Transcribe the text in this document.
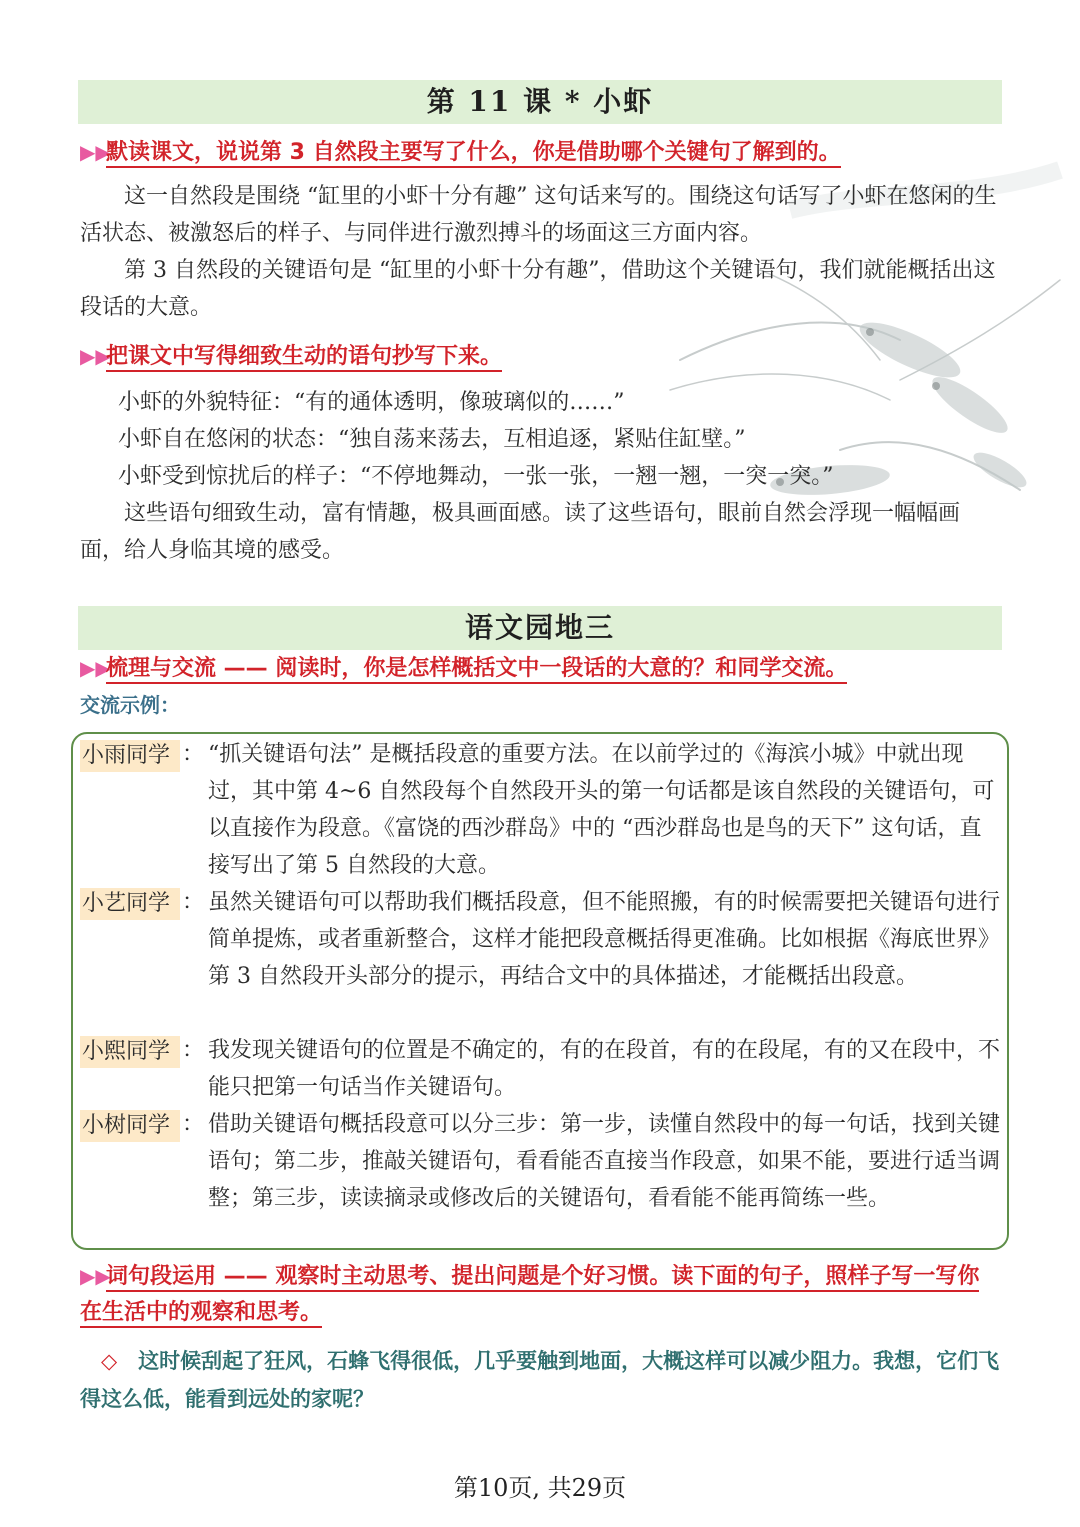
第 11 课 * 小虾
▶▶默读课文，说说第 3 自然段主要写了什么，你是借助哪个关键句了解到的。

这一自然段是围绕 “缸里的小虾十分有趣” 这句话来写的。围绕这句话写了小虾在悠闲的生活状态、被激怒后的样子、与同伴进行激烈搏斗的场面这三方面内容。

第 3 自然段的关键语句是 “缸里的小虾十分有趣”，借助这个关键语句，我们就能概括出这段话的大意。

▶▶把课文中写得细致生动的语句抄写下来。

小虾的外貌特征：“有的通体透明，像玻璃似的……”

小虾自在悠闲的状态：“独自荡来荡去，互相追逐，紧贴住缸壁。”

小虾受到惊扰后的样子：“不停地舞动，一张一张，一翘一翘，一突一突。”

这些语句细致生动，富有情趣，极具画面感。读了这些语句，眼前自然会浮现一幅幅画面，给人身临其境的感受。

语文园地三
▶▶梳理与交流 —— 阅读时，你是怎样概括文中一段话的大意的？和同学交流。
交流示例：
小雨同学 ： “抓关键语句法” 是概括段意的重要方法。在以前学过的《海滨小城》中就出现过，其中第 4~6 自然段每个自然段开头的第一句话都是该自然段的关键语句，可以直接作为段意。《富饶的西沙群岛》中的 “西沙群岛也是鸟的天下” 这句话，直接写出了第 5 自然段的大意。
小艺同学 ： 虽然关键语句可以帮助我们概括段意，但不能照搬，有的时候需要把关键语句进行简单提炼，或者重新整合，这样才能把段意概括得更准确。比如根据《海底世界》第 3 自然段开头部分的提示，再结合文中的具体描述，才能概括出段意。
小熙同学 ： 我发现关键语句的位置是不确定的，有的在段首，有的在段尾，有的又在段中，不能只把第一句话当作关键语句。
小树同学 ： 借助关键语句概括段意可以分三步：第一步，读懂自然段中的每一句话，找到关键语句；第二步，推敲关键语句，看看能否直接当作段意，如果不能，要进行适当调整；第三步，读读摘录或修改后的关键语句，看看能不能再简练一些。
▶▶词句段运用 —— 观察时主动思考、提出问题是个好习惯。读下面的句子，照样子写一写你在生活中的观察和思考。
　◇　这时候刮起了狂风，石蜂飞得很低，几乎要触到地面，大概这样可以减少阻力。我想，它们飞得这么低，能看到远处的家呢？
第10页, 共29页
